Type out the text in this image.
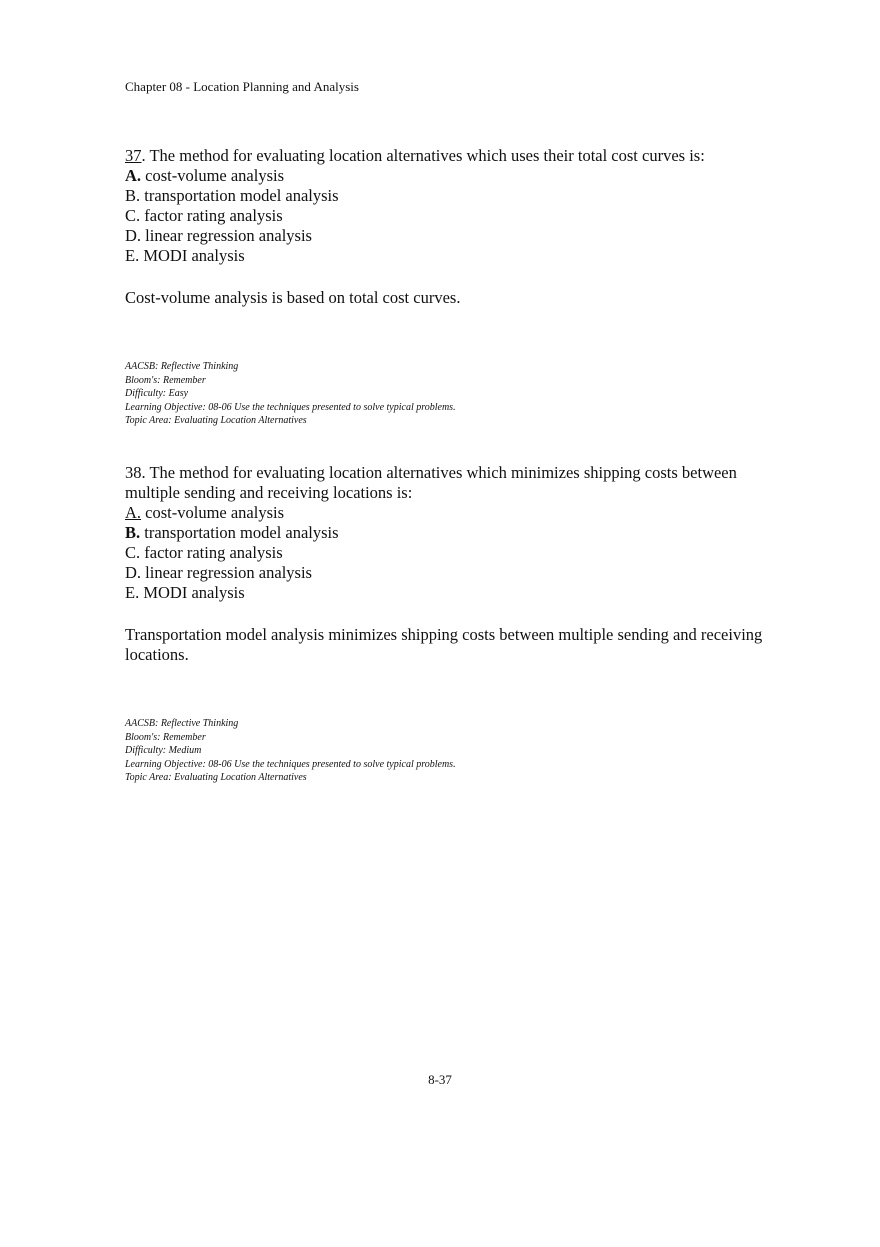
Chapter 08 - Location Planning and Analysis

37. The method for evaluating location alternatives which uses their total cost curves is:

A. cost-volume analysis

B. transportation model analysis

C. factor rating analysis

D. linear regression analysis

E. MODI analysis

Cost-volume analysis is based on total cost curves.

AACSB: Reflective Thinking
Bloom's: Remember
Difficulty: Easy
Learning Objective: 08-06 Use the techniques presented to solve typical problems.
Topic Area: Evaluating Location Alternatives

38. The method for evaluating location alternatives which minimizes shipping costs between multiple sending and receiving locations is:

A. cost-volume analysis

B. transportation model analysis

C. factor rating analysis

D. linear regression analysis

E. MODI analysis

Transportation model analysis minimizes shipping costs between multiple sending and receiving locations.

AACSB: Reflective Thinking
Bloom's: Remember
Difficulty: Medium
Learning Objective: 08-06 Use the techniques presented to solve typical problems.
Topic Area: Evaluating Location Alternatives
8-37
